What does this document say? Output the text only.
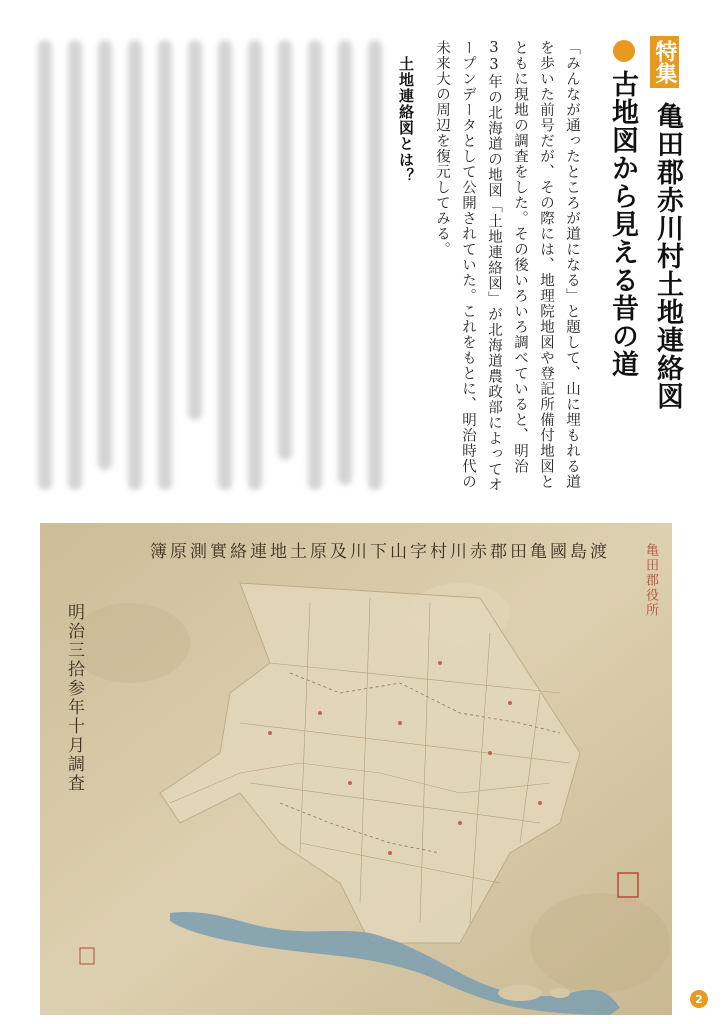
特集
亀田郡赤川村土地連絡図
古地図から見える昔の道

「みんなが通ったところが道になる」と題して、山に埋もれる道を歩いた前号だが、その際には、地理院地図や登記所備付地図とともに現地の調査をした。その後いろいろ調べていると、明治33年の北海道の地図「土地連絡図」が北海道農政部によってオープンデータとして公開されていた。これをもとに、明治時代の未来大の周辺を復元してみる。

土地連絡図とは？
渡島國亀田郡赤川村字山下川及原土地連絡實測原簿
明治三拾参年十月調査
亀田郡役所
2
